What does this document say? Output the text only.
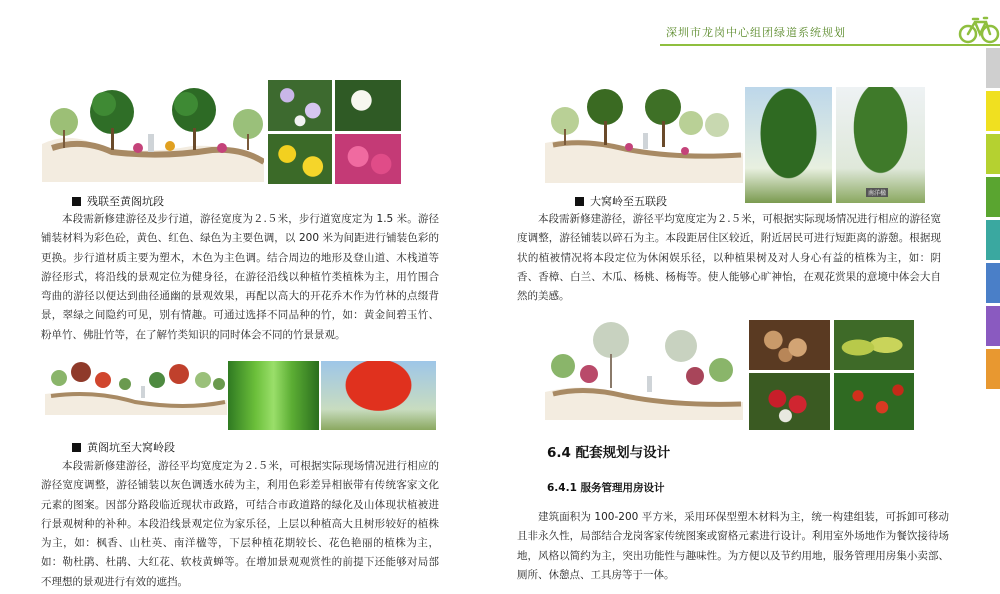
深圳市龙岗中心组团绿道系统规划
残联至黄阁坑段
本段需新修建游径及步行道，游径宽度为２.５米，步行道宽度定为 1.5 米。游径铺装材料为彩色砼，黄色、红色、绿色为主要色调，以 200 米为间距进行铺装色彩的更换。步行道材质主要为塑木，木色为主色调。结合周边的地形及登山道、木栈道等游径形式，将沿线的景观定位为健身径，在游径沿线以种植竹类植株为主，用竹围合弯曲的游径以便达到曲径通幽的景观效果，再配以高大的开花乔木作为竹林的点缀背景，翠绿之间隐约可见，别有情趣。可通过选择不同品种的竹，如：黄金间碧玉竹、粉单竹、佛肚竹等，在了解竹类知识的同时体会不同的竹景景观。
黄阁坑至大窝岭段
本段需新修建游径，游径平均宽度定为２.５米，可根据实际现场情况进行相应的游径宽度调整，游径铺装以灰色调透水砖为主，利用色彩差异相嵌带有传统客家文化元素的图案。因部分路段临近现状市政路，可结合市政道路的绿化及山体现状植被进行景观树种的补种。本段沿线景观定位为家乐径，上层以种植高大且树形较好的植株为主，如：枫香、山杜英、南洋楹等，下层种植花期较长、花色艳丽的植株为主，如：勒杜鹃、杜鹃、大红花、软枝黄蝉等。在增加景观观赏性的前提下还能够对局部不理想的景观进行有效的遮挡。
南洋楹
大窝岭至五联段
本段需新修建游径，游径平均宽度定为２.５米，可根据实际现场情况进行相应的游径宽度调整，游径铺装以碎石为主。本段距居住区较近，附近居民可进行短距离的游憩。根据现状的植被情况将本段定位为休闲娱乐径，以种植果树及对人身心有益的植株为主，如：阴香、香樟、白兰、木瓜、杨桃、杨梅等。使人能够心旷神怡，在观花赏果的意境中体会大自然的美感。
6.4 配套规划与设计
6.4.1 服务管理用房设计
建筑面积为 100-200 平方米，采用环保型塑木材料为主，统一构建组装，可拆卸可移动且非永久性，局部结合龙岗客家传统图案或窗格元素进行设计。利用室外场地作为餐饮接待场地，风格以简约为主，突出功能性与趣味性。为方便以及节约用地，服务管理用房集小卖部、厕所、休憩点、工具房等于一体。
